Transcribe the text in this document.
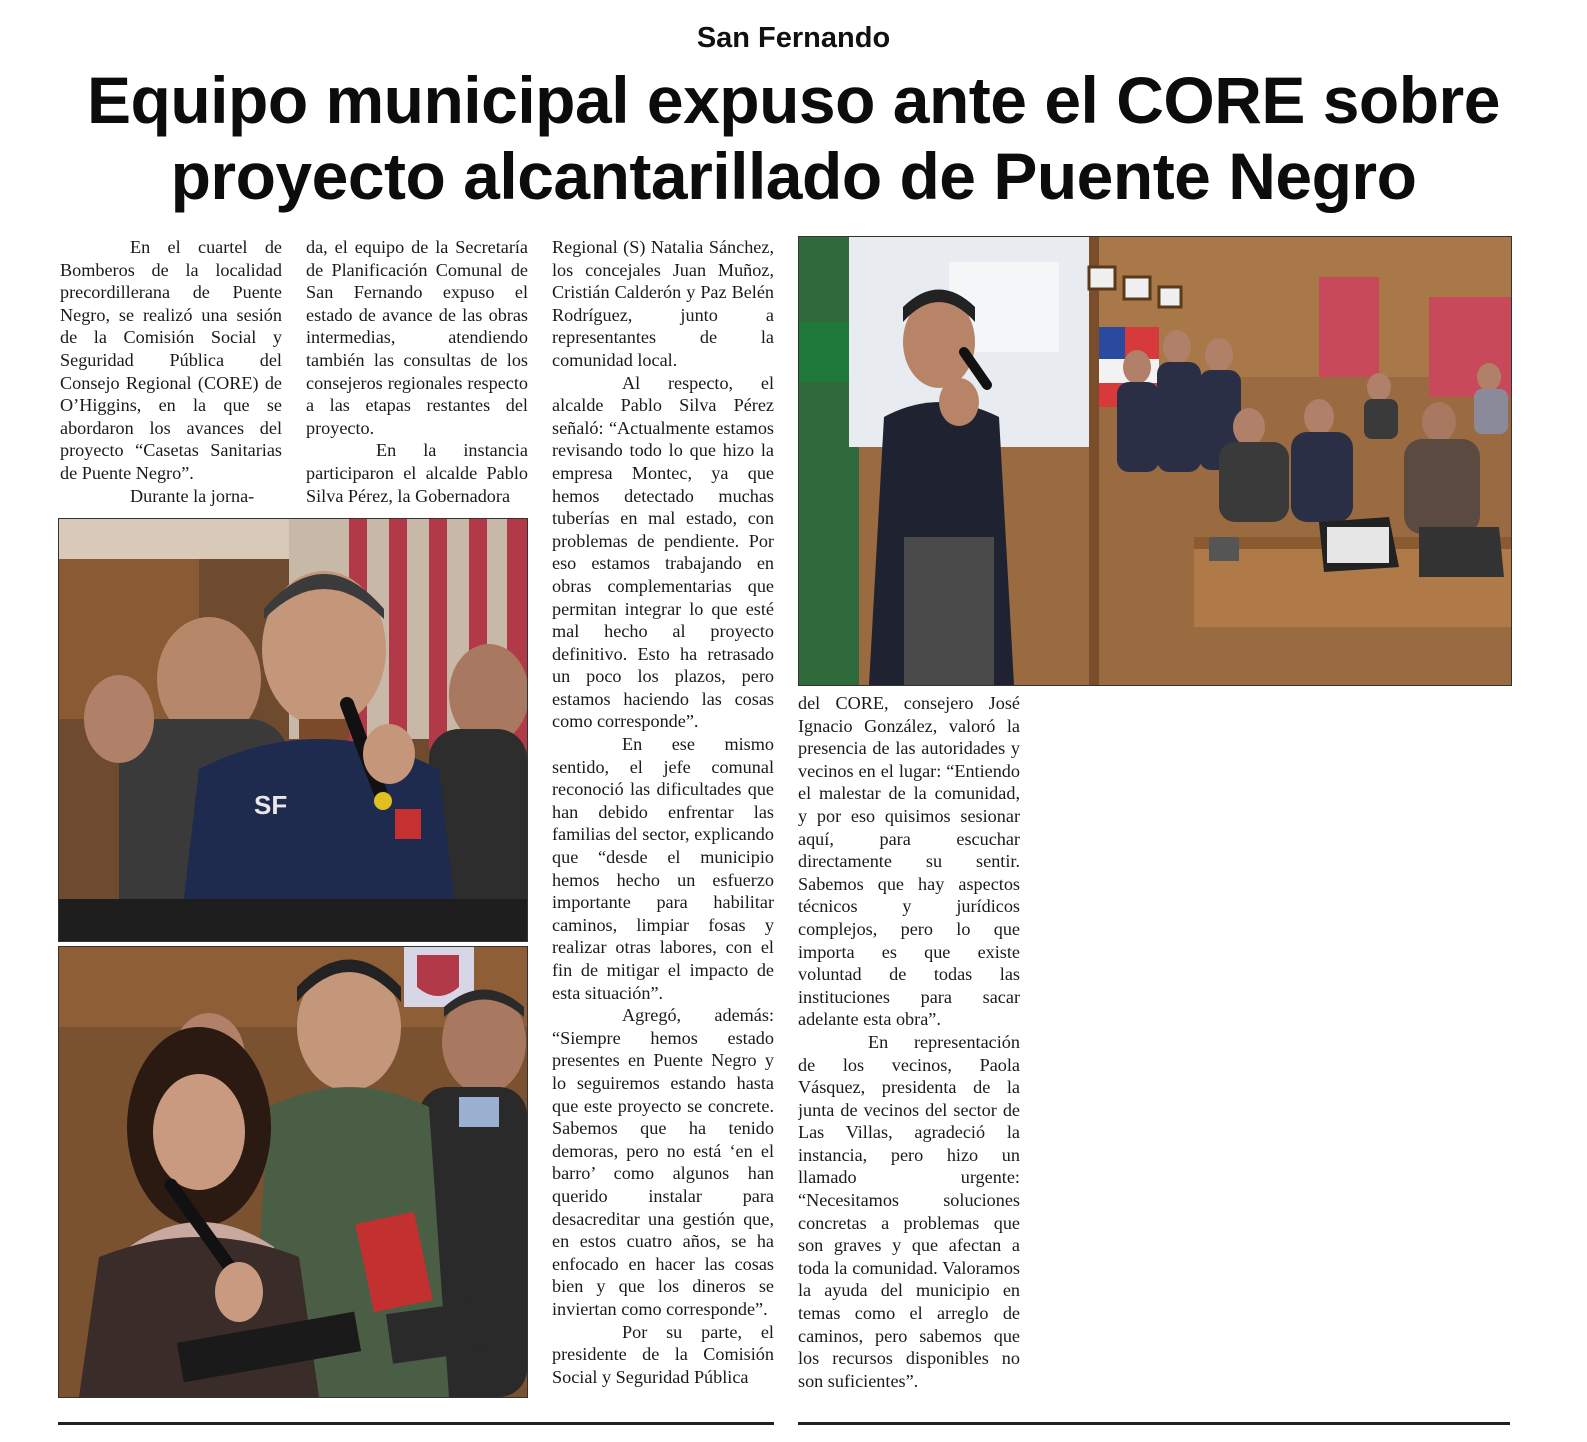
San Fernando
Equipo municipal expuso ante el CORE sobre proyecto alcantarillado de Puente Negro

En el cuartel de Bomberos de la localidad precordillerana de Puente Negro, se realizó una sesión de la Comisión Social y Seguridad Pública del Consejo Regional (CORE) de O’Higgins, en la que se abordaron los avances del proyecto “Casetas Sanitarias de Puente Negro”.

Durante la jorna-

da, el equipo de la Secretaría de Planificación Comunal de San Fernando expuso el estado de avance de las obras intermedias, atendiendo también las consultas de los consejeros regionales respecto a las etapas restantes del proyecto.

En la instancia participaron el alcalde Pablo Silva Pérez, la Gobernadora

Regional (S) Natalia Sánchez, los concejales Juan Muñoz, Cristián Calderón y Paz Belén Rodríguez, junto a representantes de la comunidad local.

Al respecto, el alcalde Pablo Silva Pérez señaló: “Actualmente estamos revisando todo lo que hizo la empresa Montec, ya que hemos detectado muchas tuberías en mal estado, con problemas de pendiente. Por eso estamos trabajando en obras complementarias que permitan integrar lo que esté mal hecho al proyecto definitivo. Esto ha retrasado un poco los plazos, pero estamos haciendo las cosas como corresponde”.

En ese mismo sentido, el jefe comunal reconoció las dificultades que han debido enfrentar las familias del sector, explicando que “desde el municipio hemos hecho un esfuerzo importante para habilitar caminos, limpiar fosas y realizar otras labores, con el fin de mitigar el impacto de esta situación”.

Agregó, además: “Siempre hemos estado presentes en Puente Negro y lo seguiremos estando hasta que este proyecto se concrete. Sabemos que ha tenido demoras, pero no está ‘en el barro’ como algunos han querido instalar para desacreditar una gestión que, en estos cuatro años, se ha enfocado en hacer las cosas bien y que los dineros se inviertan como corresponde”.

Por su parte, el presidente de la Comisión Social y Seguridad Pública

del CORE, consejero José Ignacio González, valoró la presencia de las autoridades y vecinos en el lugar: “Entiendo el malestar de la comunidad, y por eso quisimos sesionar aquí, para escuchar directamente su sentir. Sabemos que hay aspectos técnicos y jurídicos complejos, pero lo que importa es que existe voluntad de todas las instituciones para sacar adelante esta obra”.

En representación de los vecinos, Paola Vásquez, presidenta de la junta de vecinos del sector de Las Villas, agradeció la instancia, pero hizo un llamado urgente: “Necesitamos soluciones concretas a problemas que son graves y que afectan a toda la comunidad. Valoramos la ayuda del municipio en temas como el arreglo de caminos, pero sabemos que los recursos disponibles no son suficientes”.

SF
